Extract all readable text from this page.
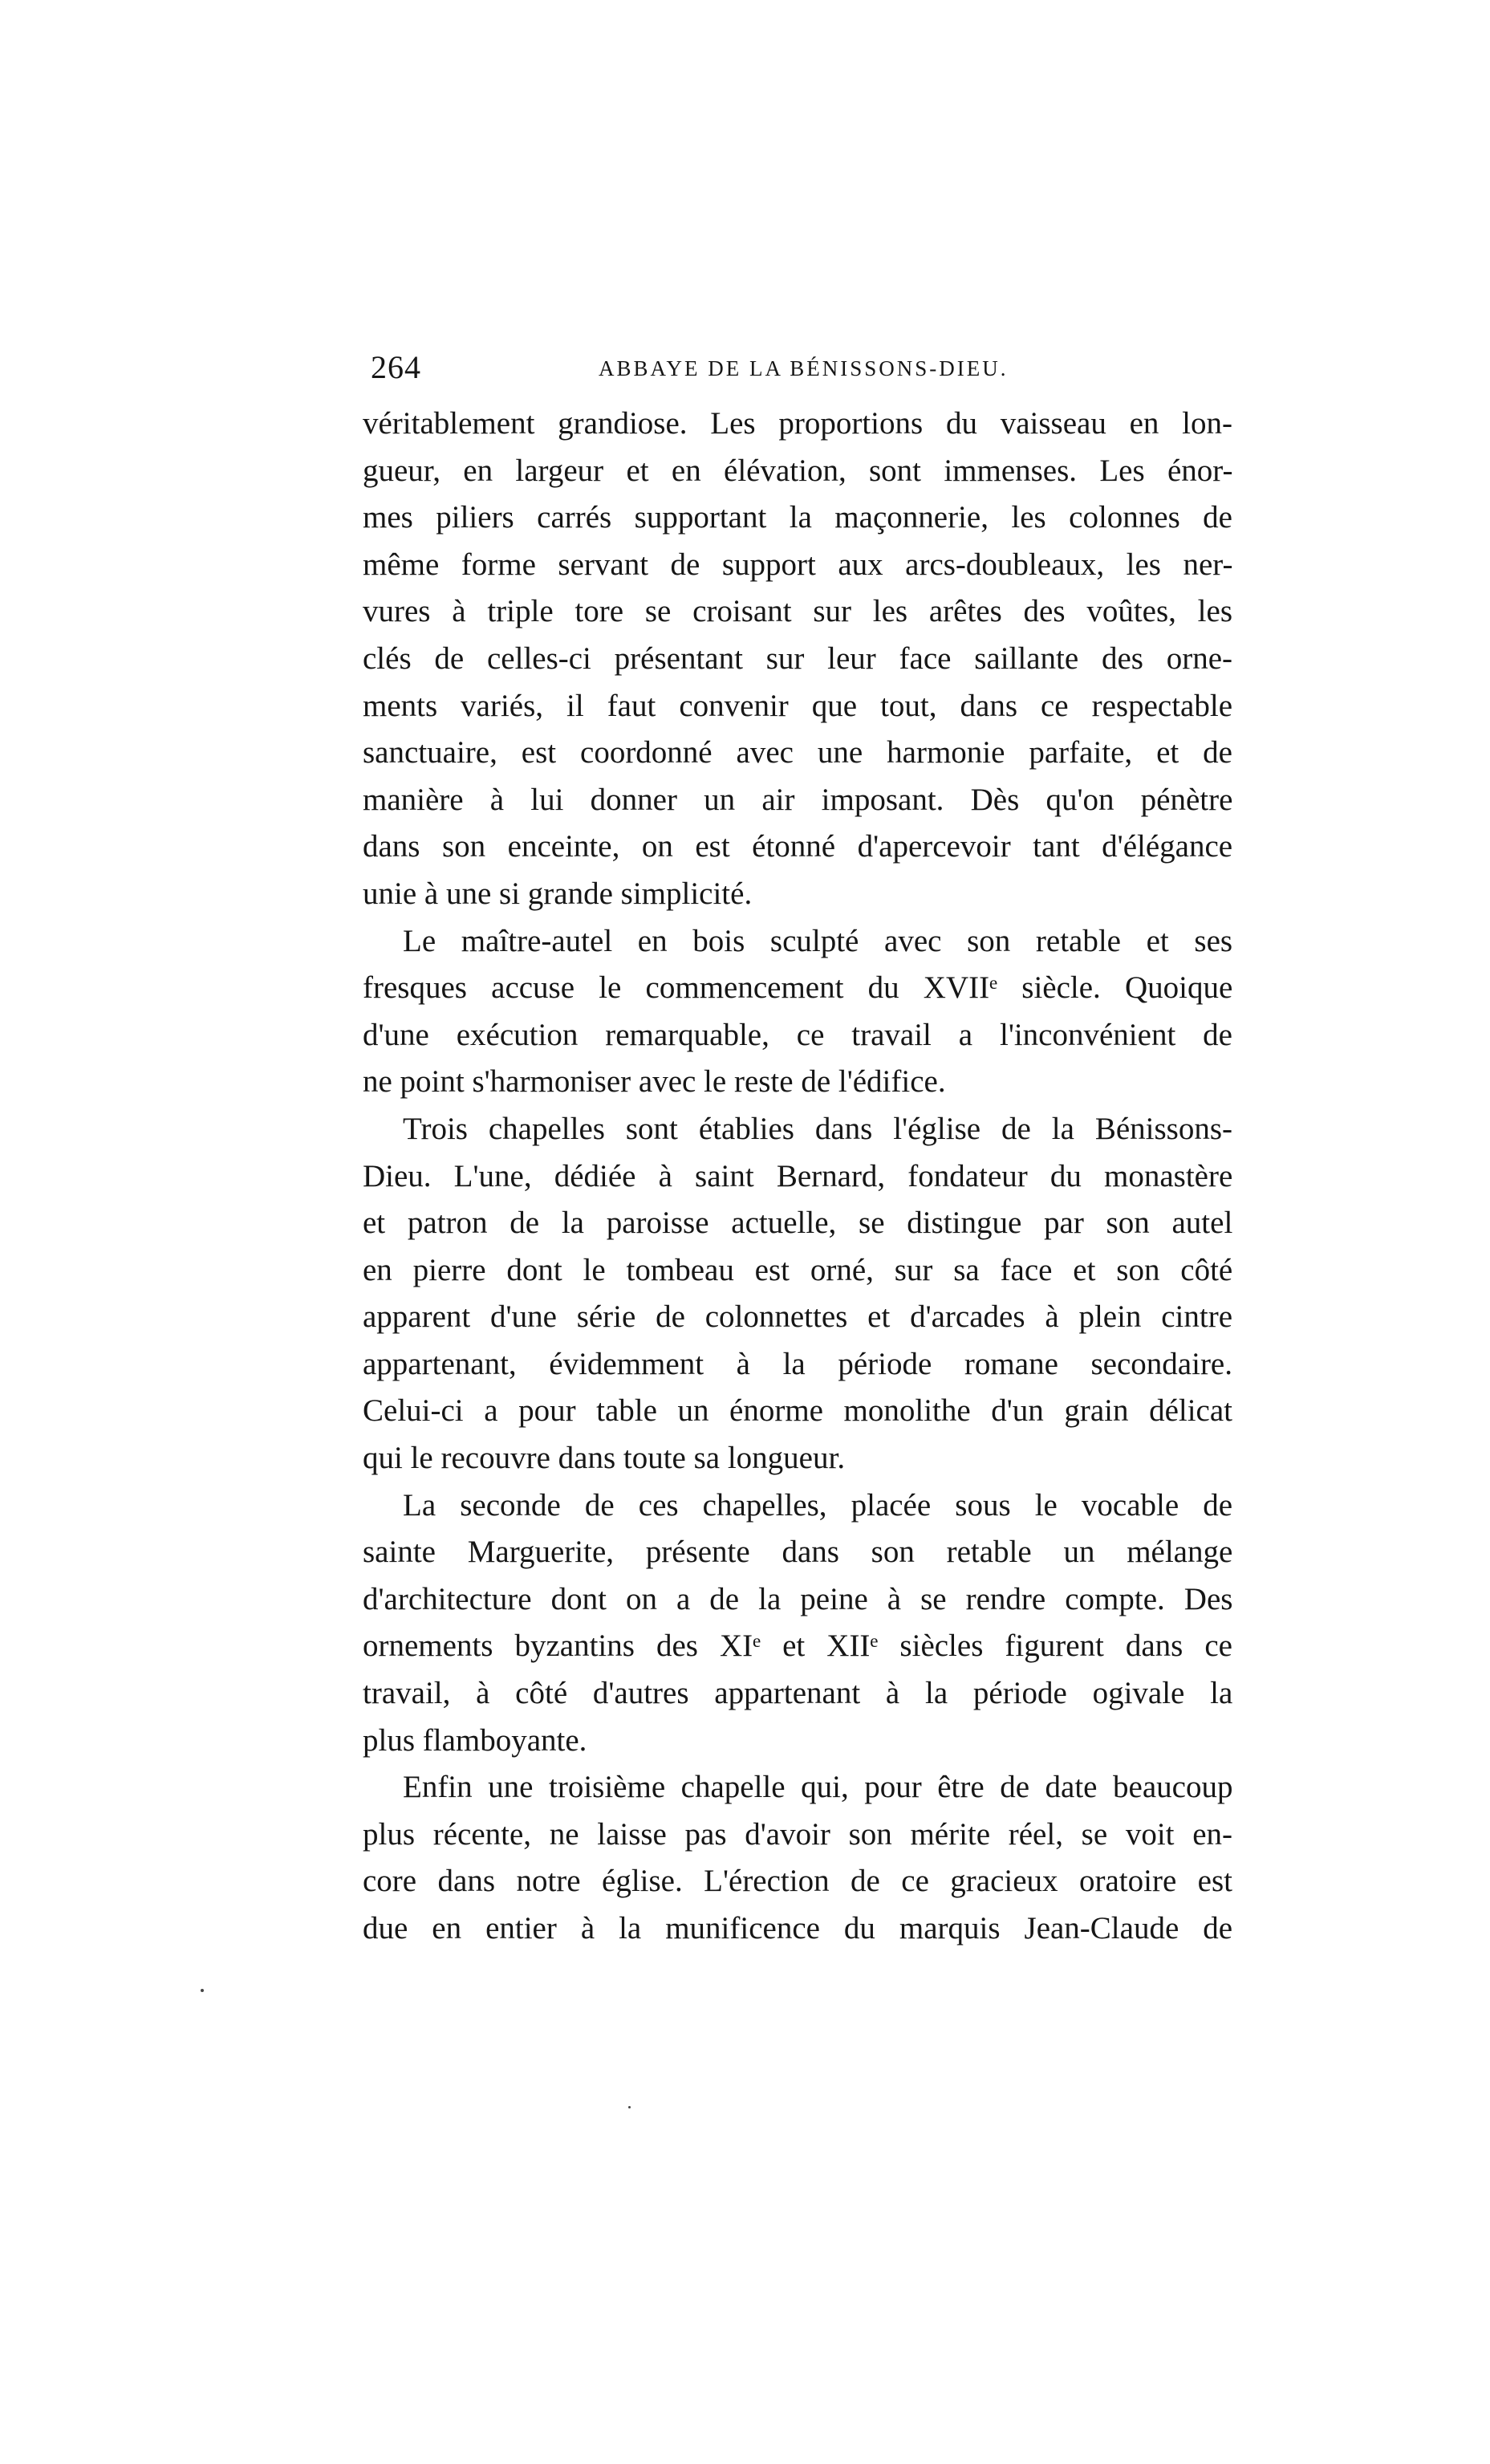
264	ABBAYE DE LA BÉNISSONS-DIEU.

véritablement grandiose. Les proportions du vaisseau en lon-
gueur, en largeur et en élévation, sont immenses. Les énor-
mes piliers carrés supportant la maçonnerie, les colonnes de
même forme servant de support aux arcs-doubleaux, les ner-
vures à triple tore se croisant sur les arêtes des voûtes, les
clés de celles-ci présentant sur leur face saillante des orne-
ments variés, il faut convenir que tout, dans ce respectable
sanctuaire, est coordonné avec une harmonie parfaite, et de
manière à lui donner un air imposant. Dès qu'on pénètre
dans son enceinte, on est étonné d'apercevoir tant d'élégance
unie à une si grande simplicité.

Le maître-autel en bois sculpté avec son retable et ses
fresques accuse le commencement du XVIIᵉ siècle. Quoique
d'une exécution remarquable, ce travail a l'inconvénient de
ne point s'harmoniser avec le reste de l'édifice.

Trois chapelles sont établies dans l'église de la Bénissons-
Dieu. L'une, dédiée à saint Bernard, fondateur du monastère
et patron de la paroisse actuelle, se distingue par son autel
en pierre dont le tombeau est orné, sur sa face et son côté
apparent d'une série de colonnettes et d'arcades à plein cintre
appartenant, évidemment à la période romane secondaire.
Celui-ci a pour table un énorme monolithe d'un grain délicat
qui le recouvre dans toute sa longueur.

La seconde de ces chapelles, placée sous le vocable de
sainte Marguerite, présente dans son retable un mélange
d'architecture dont on a de la peine à se rendre compte. Des
ornements byzantins des XIᵉ et XIIᵉ siècles figurent dans ce
travail, à côté d'autres appartenant à la période ogivale la
plus flamboyante.

Enfin une troisième chapelle qui, pour être de date beaucoup
plus récente, ne laisse pas d'avoir son mérite réel, se voit en-
core dans notre église. L'érection de ce gracieux oratoire est
due en entier à la munificence du marquis Jean-Claude de
